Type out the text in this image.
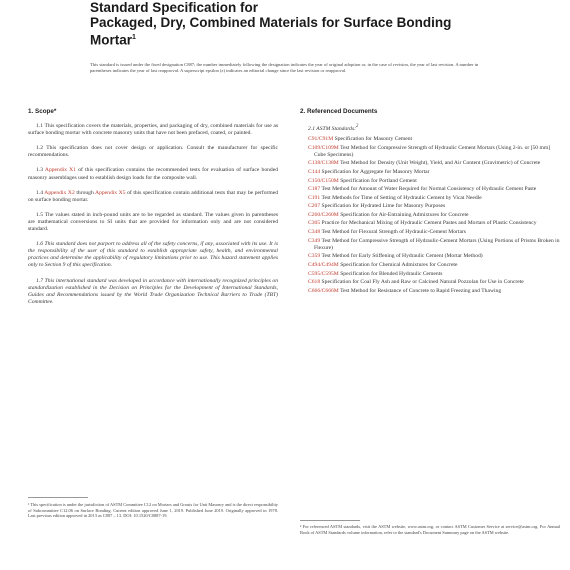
Standard Specification for
Packaged, Dry, Combined Materials for Surface Bonding
Mortar$^1$
This standard is issued under the fixed designation C887; the number immediately following the designation indicates the year of original adoption or, in the case of revision, the year of last revision. A number in parentheses indicates the year of last reapproval. A superscript epsilon (ε) indicates an editorial change since the last revision or reapproval.
1. Scope*

1.1 This specification covers the materials, properties, and packaging of dry, combined materials for use as surface bonding mortar with concrete masonry units that have not been prefaced, coated, or painted.

1.2 This specification does not cover design or application. Consult the manufacturer for specific recommendations.

1.3 Appendix X1 of this specification contains the recommended tests for evaluation of surface bonded masonry assemblages used to establish design loads for the composite wall.

1.4 Appendix X2 through Appendix X5 of this specification contain additional tests that may be performed on surface bonding mortar.

1.5 The values stated in inch-pound units are to be regarded as standard. The values given in parentheses are mathematical conversions to SI units that are provided for information only and are not considered standard.

1.6 This standard does not purport to address all of the safety concerns, if any, associated with its use. It is the responsibility of the user of this standard to establish appropriate safety, health, and environmental practices and determine the applicability of regulatory limitations prior to use. This hazard statement applies only to Section 9 of this specification.

1.7 This international standard was developed in accordance with internationally recognized principles on standardization established in the Decision on Principles for the Development of International Standards, Guides and Recommendations issued by the World Trade Organization Technical Barriers to Trade (TBT) Committee.

2. Referenced Documents

2.1 ASTM Standards:$^2$

C91/C91M Specification for Masonry Cement

C109/C109M Test Method for Compressive Strength of Hydraulic Cement Mortars (Using 2-in. or [50 mm] Cube Specimens)

C138/C138M Test Method for Density (Unit Weight), Yield, and Air Content (Gravimetric) of Concrete

C144 Specification for Aggregate for Masonry Mortar

C150/C150M Specification for Portland Cement

C187 Test Method for Amount of Water Required for Normal Consistency of Hydraulic Cement Paste

C191 Test Methods for Time of Setting of Hydraulic Cement by Vicat Needle

C207 Specification for Hydrated Lime for Masonry Purposes

C260/C260M Specification for Air-Entraining Admixtures for Concrete

C305 Practice for Mechanical Mixing of Hydraulic Cement Pastes and Mortars of Plastic Consistency

C348 Test Method for Flexural Strength of Hydraulic-Cement Mortars

C349 Test Method for Compressive Strength of Hydraulic-Cement Mortars (Using Portions of Prisms Broken in Flexure)

C359 Test Method for Early Stiffening of Hydraulic Cement (Mortar Method)

C494/C494M Specification for Chemical Admixtures for Concrete

C595/C595M Specification for Blended Hydraulic Cements

C618 Specification for Coal Fly Ash and Raw or Calcined Natural Pozzolan for Use in Concrete

C666/C666M Test Method for Resistance of Concrete to Rapid Freezing and Thawing

¹ This specification is under the jurisdiction of ASTM Committee C12 on Mortars and Grouts for Unit Masonry and is the direct responsibility of Subcommittee C12.06 on Surface Bonding. Current edition approved June 1, 2019. Published June 2019. Originally approved in 1978. Last previous edition approved in 2013 as C887 – 13. DOI: 10.1520/C0887-19.
² For referenced ASTM standards, visit the ASTM website, www.astm.org, or contact ASTM Customer Service at service@astm.org. For Annual Book of ASTM Standards volume information, refer to the standard's Document Summary page on the ASTM website.
